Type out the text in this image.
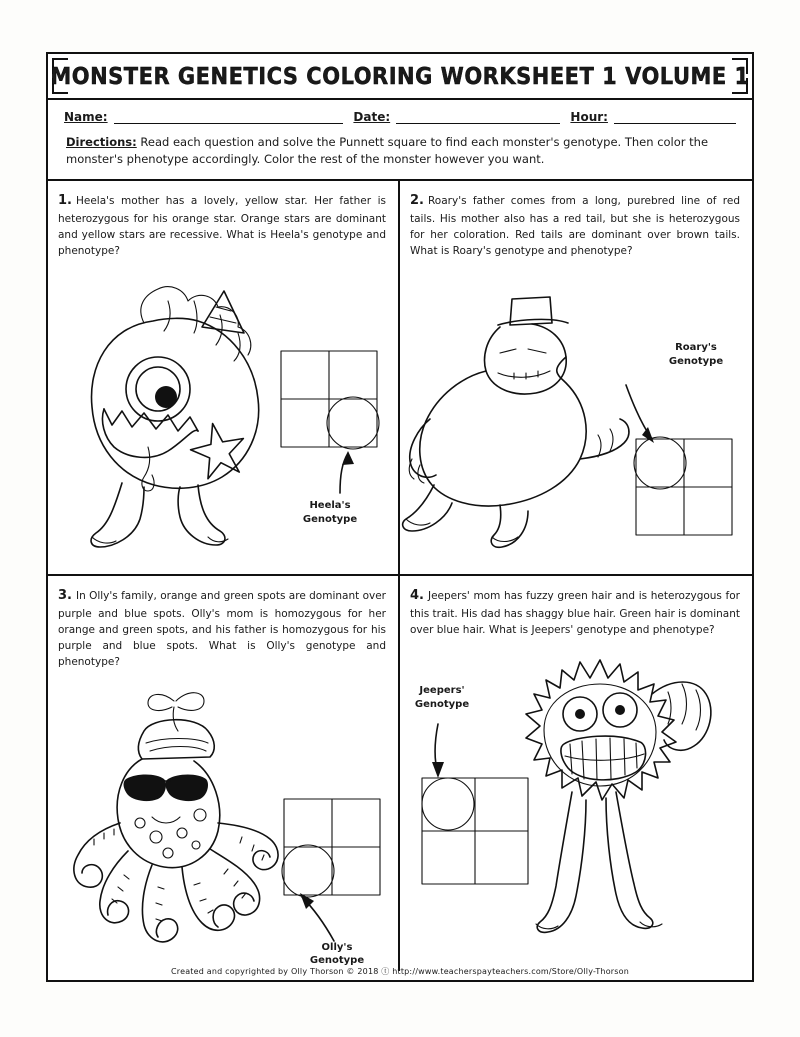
MONSTER GENETICS COLORING WORKSHEET 1 VOLUME 1
Name:	Date:	Hour:
Directions: Read each question and solve the Punnett square to find each monster's genotype. Then color the monster's phenotype accordingly. Color the rest of the monster however you want.
1. Heela's mother has a lovely, yellow star. Her father is heterozygous for his orange star. Orange stars are dominant and yellow stars are recessive. What is Heela's genotype and phenotype?
Heela's Genotype
2. Roary's father comes from a long, purebred line of red tails. His mother also has a red tail, but she is heterozygous for her coloration. Red tails are dominant over brown tails. What is Roary's genotype and phenotype?
Roary's Genotype
3. In Olly's family, orange and green spots are dominant over purple and blue spots. Olly's mom is homozygous for her orange and green spots, and his father is homozygous for his purple and blue spots. What is Olly's genotype and phenotype?
Olly's Genotype
4. Jeepers' mom has fuzzy green hair and is heterozygous for this trait. His dad has shaggy blue hair. Green hair is dominant over blue hair. What is Jeepers' genotype and phenotype?
Jeepers' Genotype
Created and copyrighted by Olly Thorson © 2018 ⓣ http://www.teacherspayteachers.com/Store/Olly-Thorson
